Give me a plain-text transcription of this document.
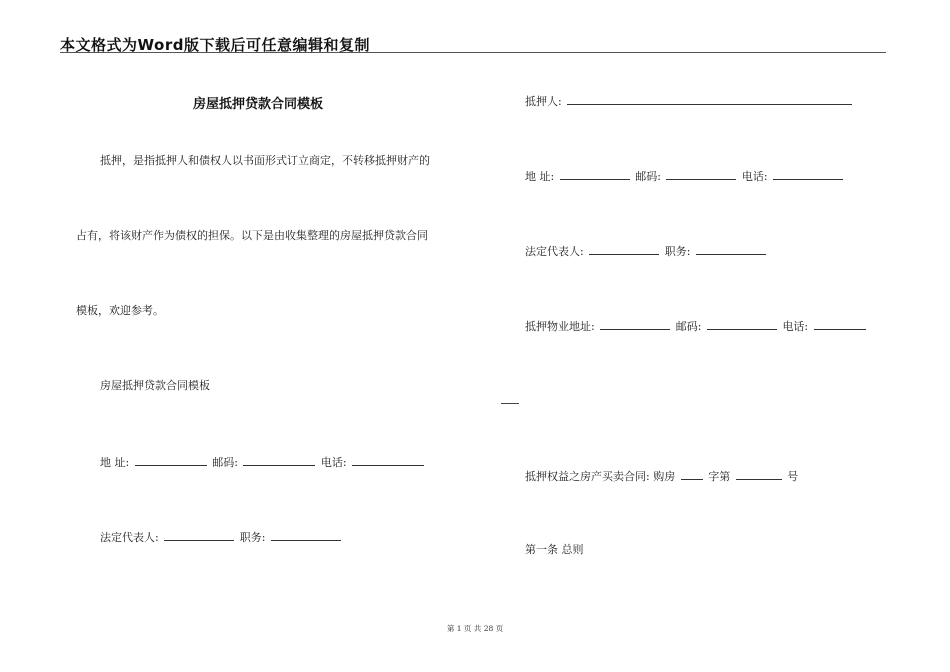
本文格式为Word版下载后可任意编辑和复制
房屋抵押贷款合同模板
抵押，是指抵押人和债权人以书面形式订立商定，不转移抵押财产的
占有，将该财产作为债权的担保。以下是由收集整理的房屋抵押贷款合同
模板，欢迎参考。
房屋抵押贷款合同模板
地 址:	邮码:	电话:
法定代表人:	职务:
抵押人:
地 址:	邮码:	电话:
法定代表人:	职务:
抵押物业地址:	邮码:	电话:
抵押权益之房产买卖合同: 购房	字第	号
第一条 总则
第 1 页 共 28 页
